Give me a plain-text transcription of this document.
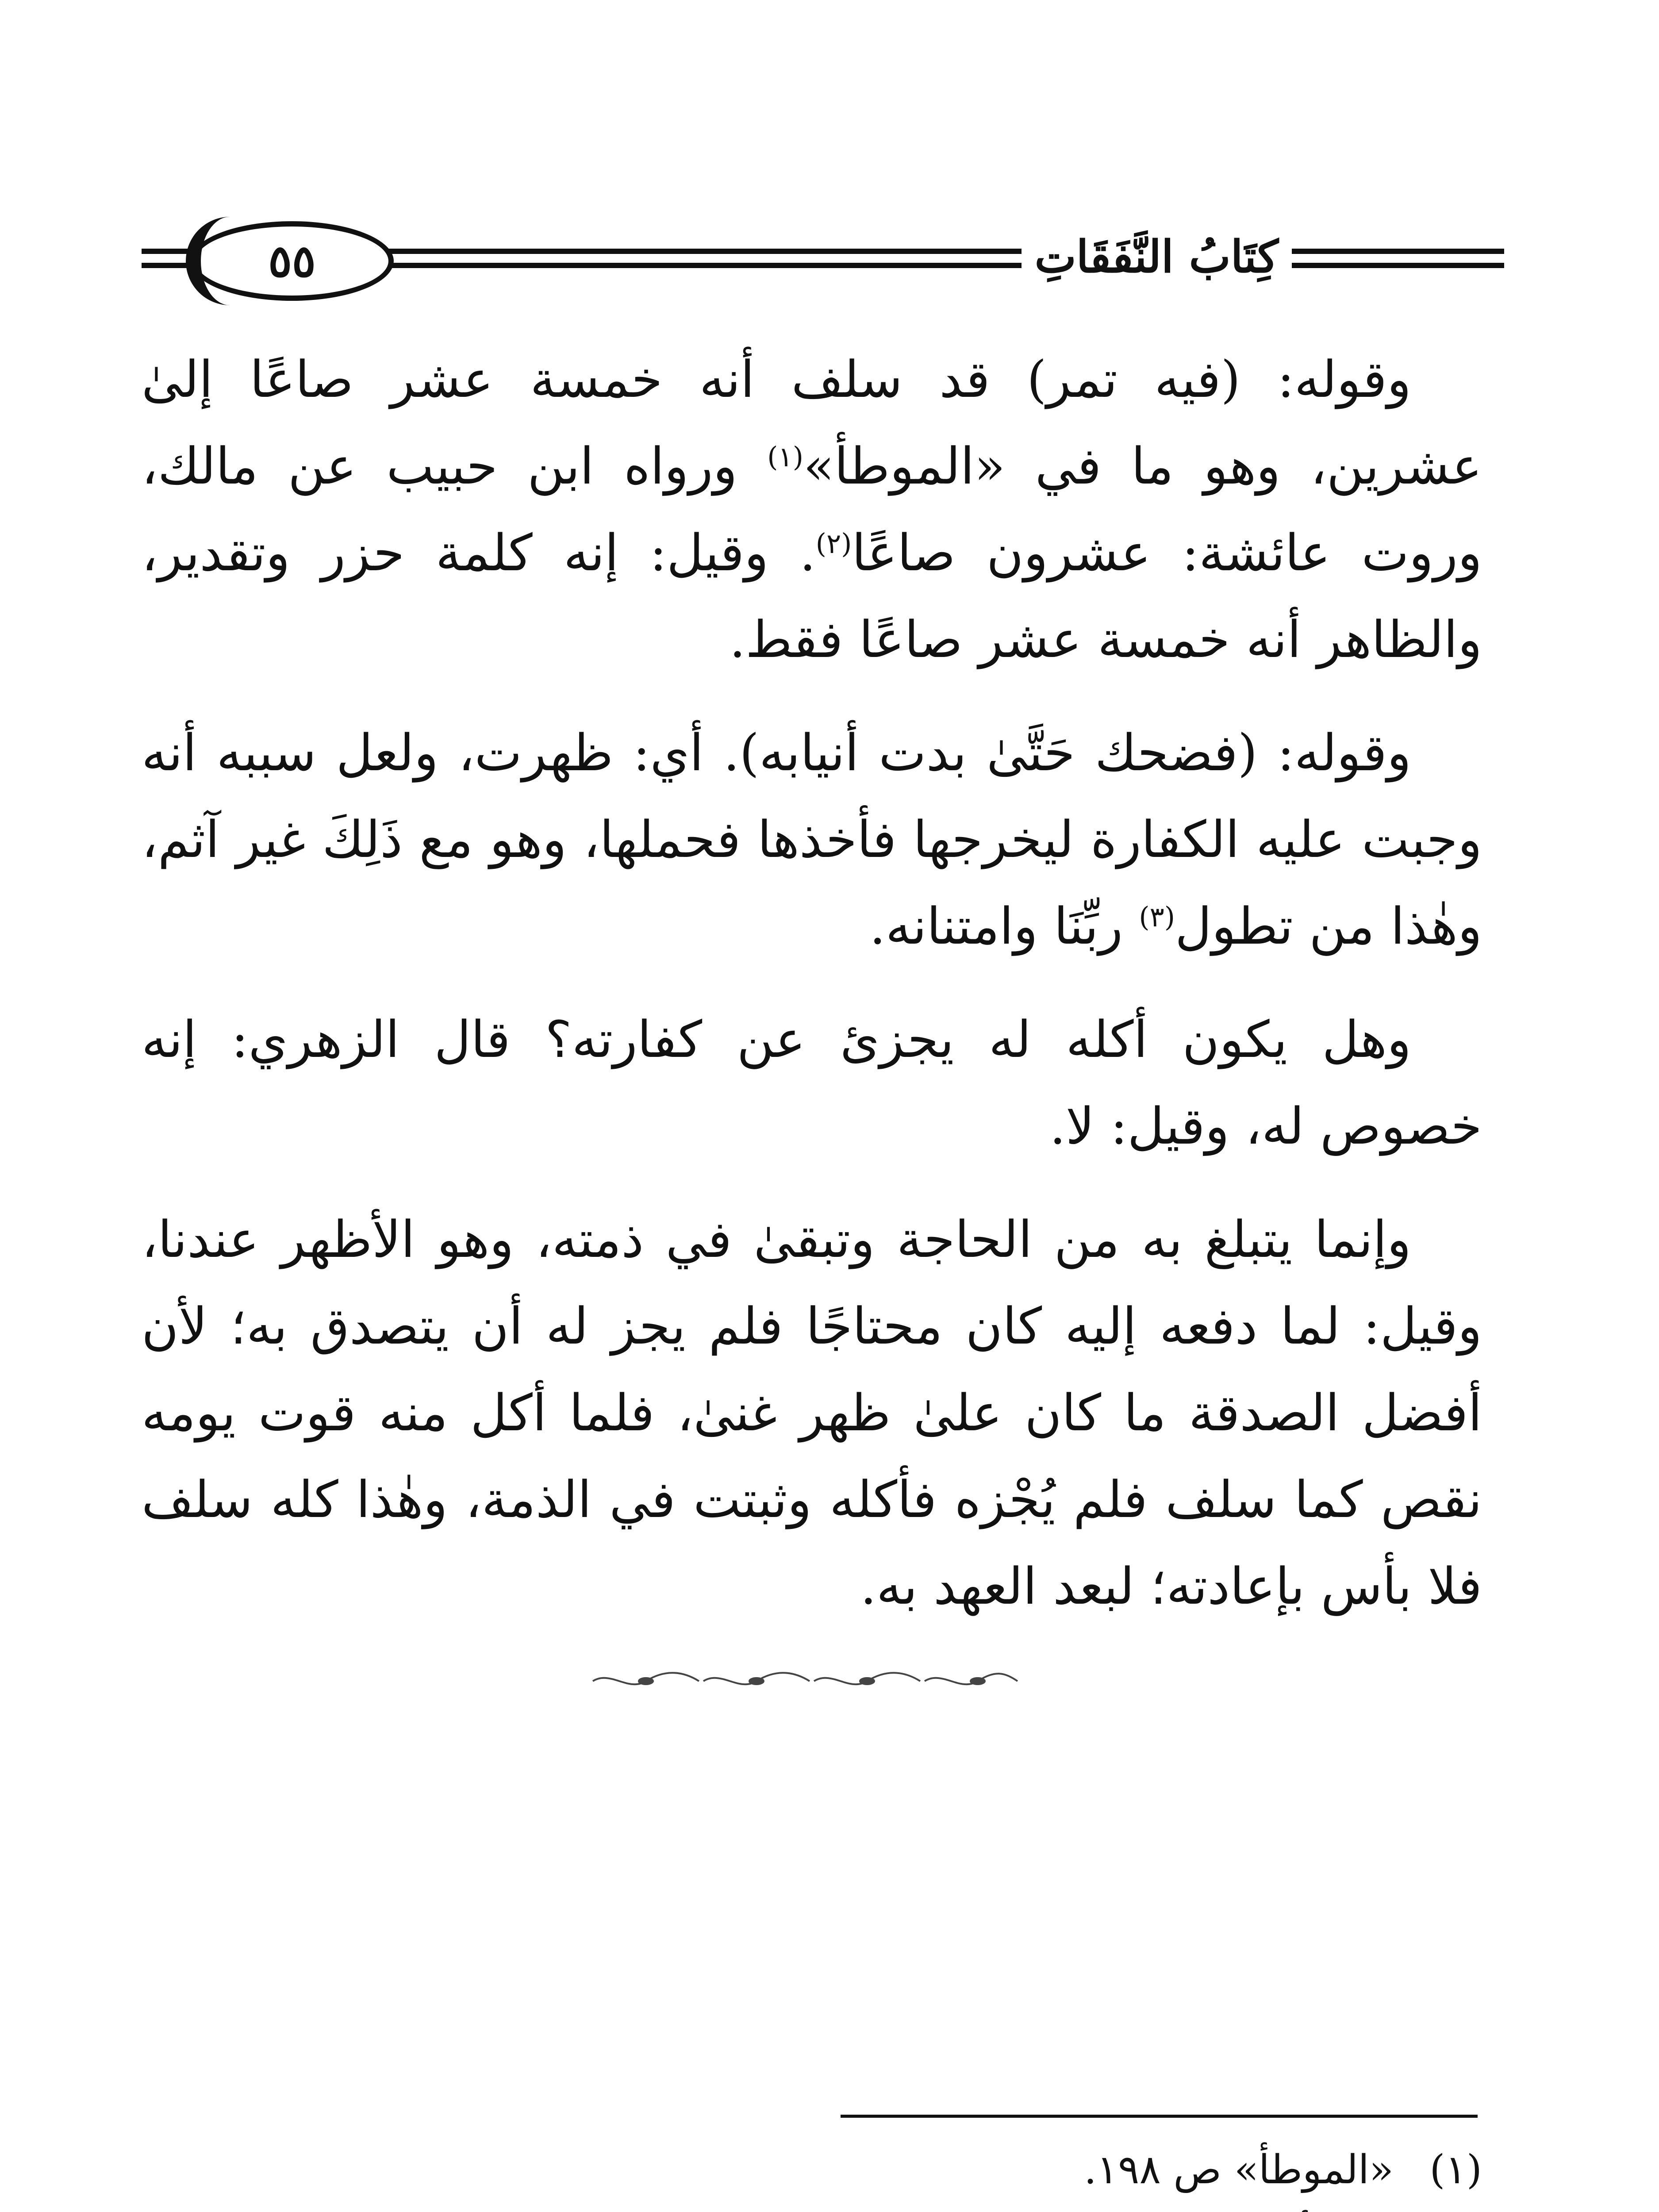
كِتَابُ النَّفَقَاتِ
٥٥

وقوله: (فيه تمر) قد سلف أنه خمسة عشر صاعًا إلىٰ عشرين، وهو ما في «الموطأ»$^{(١)}$ ورواه ابن حبيب عن مالك، وروت عائشة: عشرون صاعًا$^{(٢)}$. وقيل: إنه كلمة حزر وتقدير، والظاهر أنه خمسة عشر صاعًا فقط.

وقوله: (فضحك حَتَّىٰ بدت أنيابه). أي: ظهرت، ولعل سببه أنه وجبت عليه الكفارة ليخرجها فأخذها فحملها، وهو مع ذَلِكَ غير آثم، وهٰذا من تطول$^{(٣)}$ ربِّنَا وامتنانه.

وهل يكون أكله له يجزئ عن كفارته؟ قال الزهري: إنه خصوص له، وقيل: لا.

وإنما يتبلغ به من الحاجة وتبقىٰ في ذمته، وهو الأظهر عندنا، وقيل: لما دفعه إليه كان محتاجًا فلم يجز له أن يتصدق به؛ لأن أفضل الصدقة ما كان علىٰ ظهر غنىٰ، فلما أكل منه قوت يومه نقص كما سلف فلم يُجْزه فأكله وثبتت في الذمة، وهٰذا كله سلف فلا بأس بإعادته؛ لبعد العهد به.

(١)«الموطأ» ص ١٩٨.
